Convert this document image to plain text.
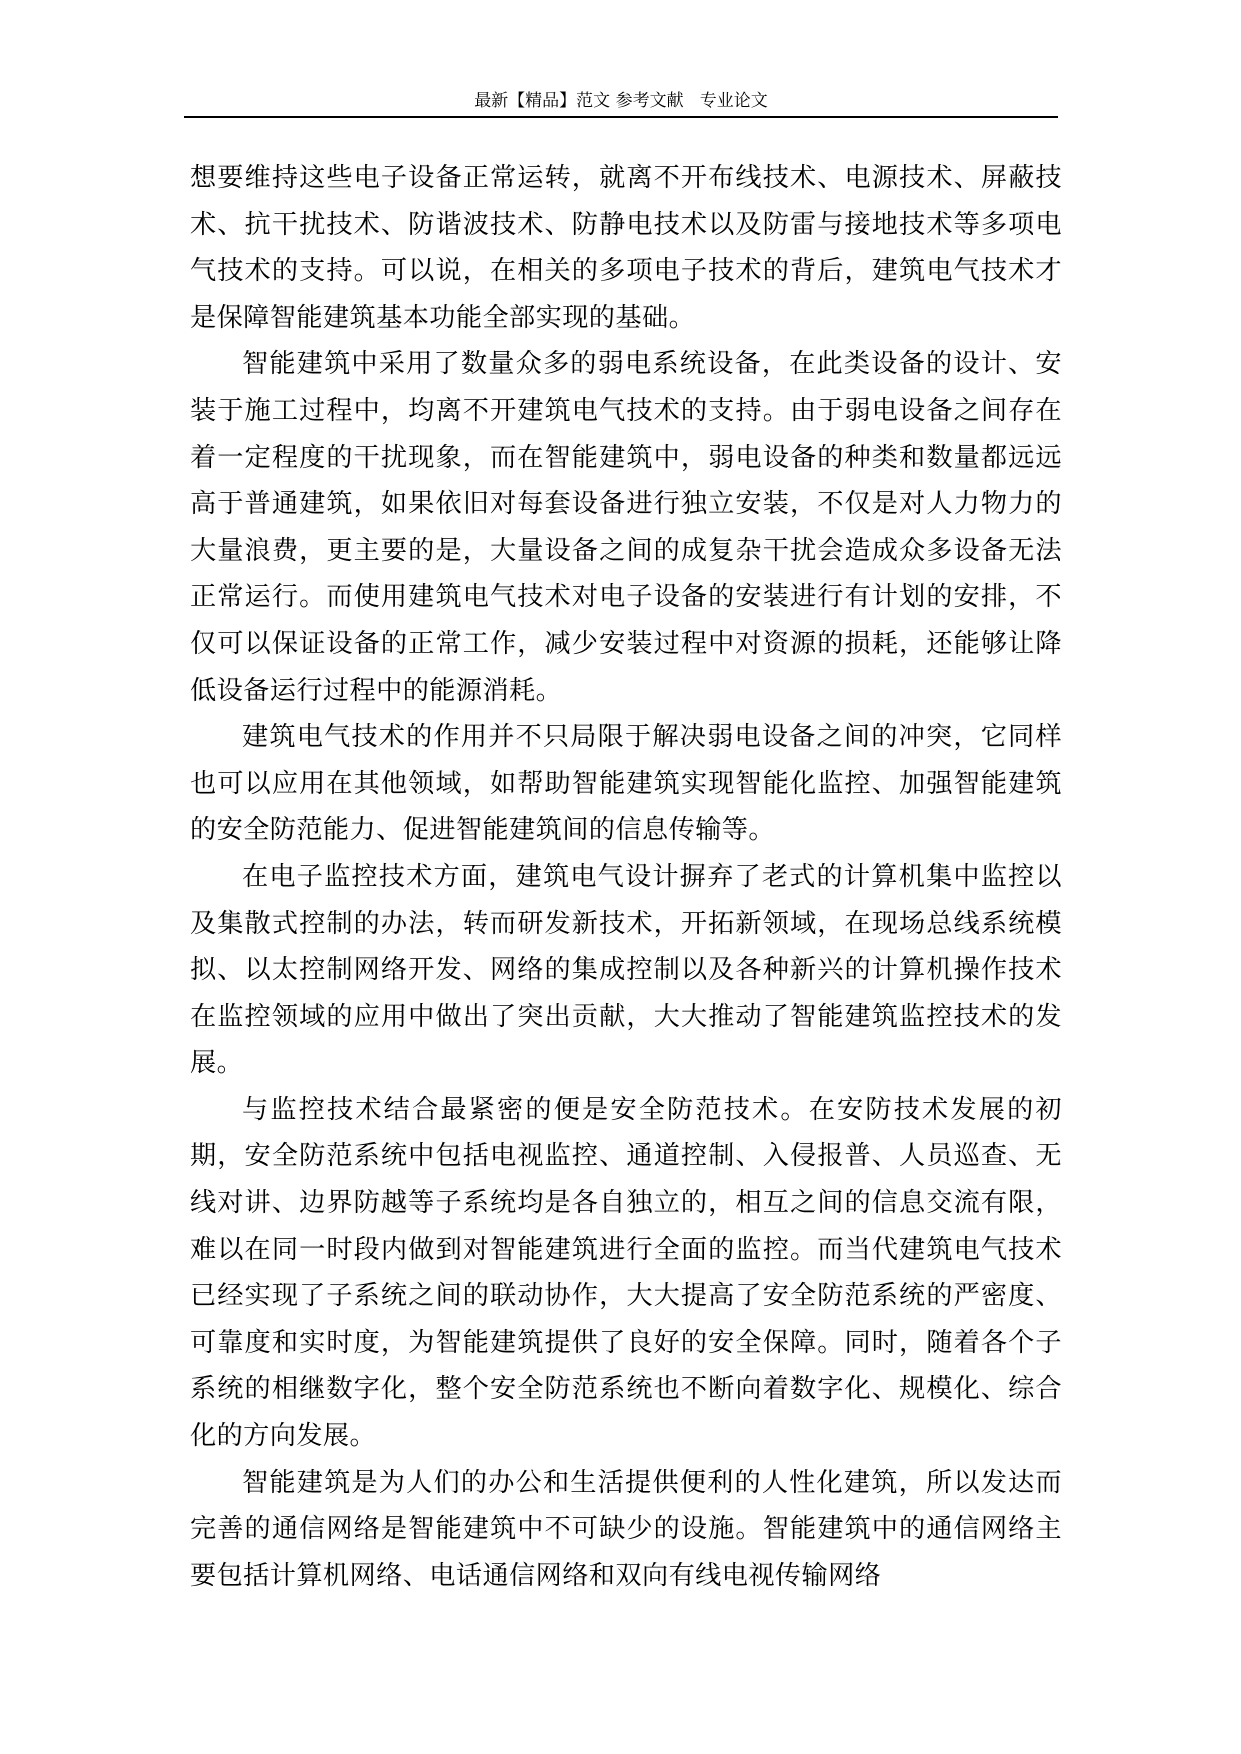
最新【精品】范文 参考文献   专业论文

想要维持这些电子设备正常运转，就离不开布线技术、电源技术、屏蔽技术、抗干扰技术、防谐波技术、防静电技术以及防雷与接地技术等多项电气技术的支持。可以说，在相关的多项电子技术的背后，建筑电气技术才是保障智能建筑基本功能全部实现的基础。

智能建筑中采用了数量众多的弱电系统设备，在此类设备的设计、安装于施工过程中，均离不开建筑电气技术的支持。由于弱电设备之间存在着一定程度的干扰现象，而在智能建筑中，弱电设备的种类和数量都远远高于普通建筑，如果依旧对每套设备进行独立安装，不仅是对人力物力的大量浪费，更主要的是，大量设备之间的成复杂干扰会造成众多设备无法正常运行。而使用建筑电气技术对电子设备的安装进行有计划的安排，不仅可以保证设备的正常工作，减少安装过程中对资源的损耗，还能够让降低设备运行过程中的能源消耗。

建筑电气技术的作用并不只局限于解决弱电设备之间的冲突，它同样也可以应用在其他领域，如帮助智能建筑实现智能化监控、加强智能建筑的安全防范能力、促进智能建筑间的信息传输等。

在电子监控技术方面，建筑电气设计摒弃了老式的计算机集中监控以及集散式控制的办法，转而研发新技术，开拓新领域，在现场总线系统模拟、以太控制网络开发、网络的集成控制以及各种新兴的计算机操作技术在监控领域的应用中做出了突出贡献，大大推动了智能建筑监控技术的发展。

与监控技术结合最紧密的便是安全防范技术。在安防技术发展的初期，安全防范系统中包括电视监控、通道控制、入侵报普、人员巡查、无线对讲、边界防越等子系统均是各自独立的，相互之间的信息交流有限，难以在同一时段内做到对智能建筑进行全面的监控。而当代建筑电气技术已经实现了子系统之间的联动协作，大大提高了安全防范系统的严密度、可靠度和实时度，为智能建筑提供了良好的安全保障。同时，随着各个子系统的相继数字化，整个安全防范系统也不断向着数字化、规模化、综合化的方向发展。

智能建筑是为人们的办公和生活提供便利的人性化建筑，所以发达而完善的通信网络是智能建筑中不可缺少的设施。智能建筑中的通信网络主要包括计算机网络、电话通信网络和双向有线电视传输网络
